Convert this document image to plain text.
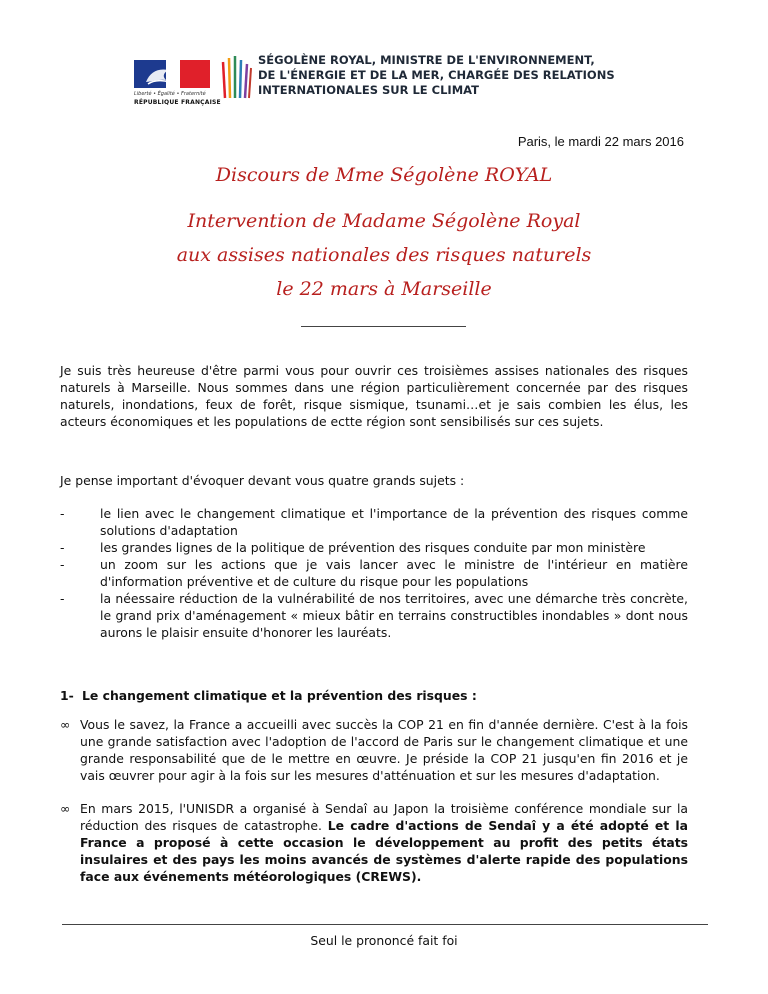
Liberté • Égalité • Fraternité
RÉPUBLIQUE FRANÇAISE
SÉGOLÈNE ROYAL, MINISTRE DE L'ENVIRONNEMENT,
DE L'ÉNERGIE ET DE LA MER, CHARGÉE DES RELATIONS
INTERNATIONALES SUR LE CLIMAT
Paris, le mardi 22 mars 2016
Discours de Mme Ségolène ROYAL
Intervention de Madame Ségolène Royal
aux assises nationales des risques naturels
le 22 mars à Marseille
Je suis très heureuse d'être parmi vous pour ouvrir ces troisièmes assises nationales des risques naturels à Marseille. Nous sommes dans une région particulièrement concernée par des risques naturels, inondations, feux de forêt, risque sismique, tsunami…et je sais combien les élus, les acteurs économiques et les populations de ectte région sont sensibilisés sur ces sujets.
Je pense important d'évoquer devant vous quatre grands sujets :
-	le lien avec le changement climatique et l'importance de la prévention des risques comme solutions d'adaptation
-	les grandes lignes de la politique de prévention des risques conduite par mon ministère
-	un zoom sur les actions que je vais lancer avec le ministre de l'intérieur en matière d'information préventive et de culture du risque pour les populations
-	la néessaire réduction de la vulnérabilité de nos territoires, avec une démarche très concrète, le grand prix d'aménagement « mieux bâtir en terrains constructibles inondables » dont nous aurons le plaisir ensuite d'honorer les lauréats.
1- Le changement climatique et la prévention des risques :
∞ Vous le savez, la France a accueilli avec succès la COP 21 en fin d'année dernière. C'est à la fois une grande satisfaction avec l'adoption de l'accord de Paris sur le changement climatique et une grande responsabilité que de le mettre en œuvre. Je préside la COP 21 jusqu'en fin 2016 et je vais œuvrer pour agir à la fois sur les mesures d'atténuation et sur les mesures d'adaptation.
∞ En mars 2015, l'UNISDR a organisé à Sendaî au Japon la troisième conférence mondiale sur la réduction des risques de catastrophe. Le cadre d'actions de Sendaî y a été adopté et la France a proposé à cette occasion le développement au profit des petits états insulaires et des pays les moins avancés de systèmes d'alerte rapide des populations face aux événements météorologiques (CREWS).
Seul le prononcé fait foi
